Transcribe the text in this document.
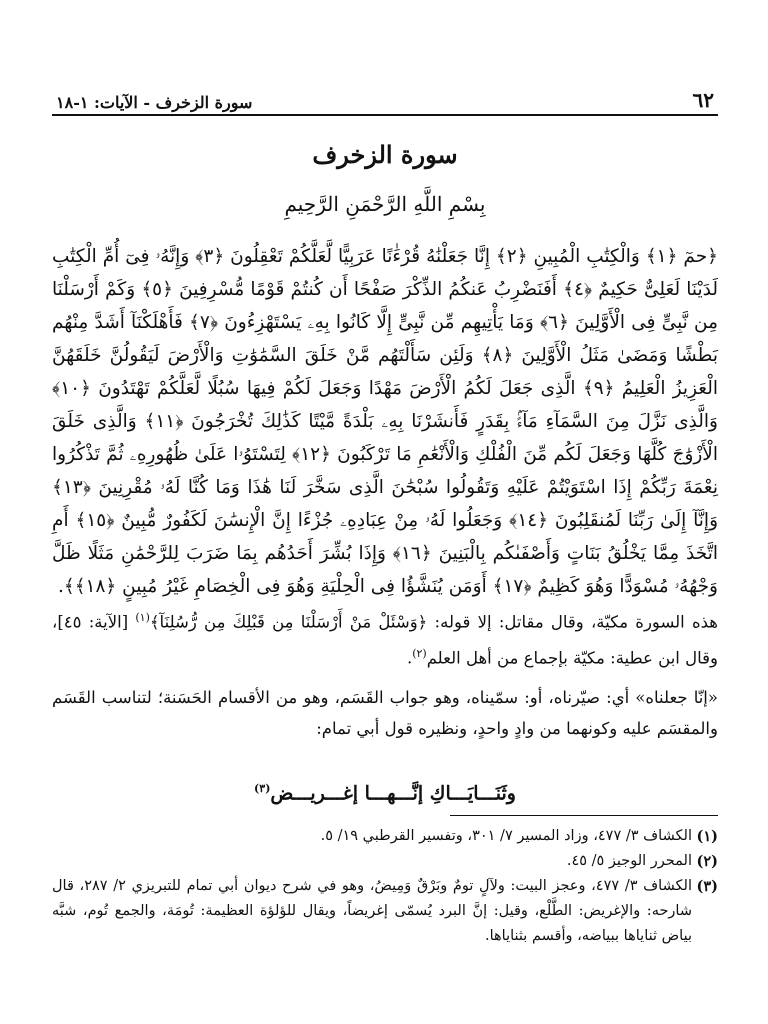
٦٢
سورة الزخرف - الآيات: ١-١٨
سورة الزخرف
بِسْمِ اللَّهِ الرَّحْمَنِ الرَّحِيمِ

﴿حمٓ ﴿١﴾ وَالْكِتَٰبِ الْمُبِينِ ﴿٢﴾ إِنَّا جَعَلْنَٰهُ قُرْءَٰنًا عَرَبِيًّا لَّعَلَّكُمْ تَعْقِلُونَ ﴿٣﴾ وَإِنَّهُۥ فِىٓ أُمِّ الْكِتَٰبِ لَدَيْنَا لَعَلِىٌّ حَكِيمٌ ﴿٤﴾ أَفَنَضْرِبُ عَنكُمُ الذِّكْرَ صَفْحًا أَن كُنتُمْ قَوْمًا مُّسْرِفِينَ ﴿٥﴾ وَكَمْ أَرْسَلْنَا مِن نَّبِىٍّ فِى الْأَوَّلِينَ ﴿٦﴾ وَمَا يَأْتِيهِم مِّن نَّبِىٍّ إِلَّا كَانُوا بِهِۦ يَسْتَهْزِءُونَ ﴿٧﴾ فَأَهْلَكْنَآ أَشَدَّ مِنْهُم بَطْشًا وَمَضَىٰ مَثَلُ الْأَوَّلِينَ ﴿٨﴾ وَلَئِن سَأَلْتَهُم مَّنْ خَلَقَ السَّمَٰوَٰتِ وَالْأَرْضَ لَيَقُولُنَّ خَلَقَهُنَّ الْعَزِيزُ الْعَلِيمُ ﴿٩﴾ الَّذِى جَعَلَ لَكُمُ الْأَرْضَ مَهْدًا وَجَعَلَ لَكُمْ فِيهَا سُبُلًا لَّعَلَّكُمْ تَهْتَدُونَ ﴿١٠﴾ وَالَّذِى نَزَّلَ مِنَ السَّمَآءِ مَآءًۢ بِقَدَرٍ فَأَنشَرْنَا بِهِۦ بَلْدَةً مَّيْتًا كَذَٰلِكَ تُخْرَجُونَ ﴿١١﴾ وَالَّذِى خَلَقَ الْأَزْوَٰجَ كُلَّهَا وَجَعَلَ لَكُم مِّنَ الْفُلْكِ وَالْأَنْعَٰمِ مَا تَرْكَبُونَ ﴿١٢﴾ لِتَسْتَوُۥا عَلَىٰ ظُهُورِهِۦ ثُمَّ تَذْكُرُوا نِعْمَةَ رَبِّكُمْ إِذَا اسْتَوَيْتُمْ عَلَيْهِ وَتَقُولُوا سُبْحَٰنَ الَّذِى سَخَّرَ لَنَا هَٰذَا وَمَا كُنَّا لَهُۥ مُقْرِنِينَ ﴿١٣﴾ وَإِنَّآ إِلَىٰ رَبِّنَا لَمُنقَلِبُونَ ﴿١٤﴾ وَجَعَلُوا لَهُۥ مِنْ عِبَادِهِۦ جُزْءًا إِنَّ الْإِنسَٰنَ لَكَفُورٌ مُّبِينٌ ﴿١٥﴾ أَمِ اتَّخَذَ مِمَّا يَخْلُقُ بَنَاتٍ وَأَصْفَىٰكُم بِالْبَنِينَ ﴿١٦﴾ وَإِذَا بُشِّرَ أَحَدُهُم بِمَا ضَرَبَ لِلرَّحْمَٰنِ مَثَلًا ظَلَّ وَجْهُهُۥ مُسْوَدًّا وَهُوَ كَظِيمٌ ﴿١٧﴾ أَوَمَن يُنَشَّؤُا فِى الْحِلْيَةِ وَهُوَ فِى الْخِصَامِ غَيْرُ مُبِينٍ ﴿١٨﴾﴾.

هذه السورة مكيّة، وقال مقاتل: إلا قوله: ﴿وَسْئَلْ مَنْ أَرْسَلْنَا مِن قَبْلِكَ مِن رُّسُلِنَآ﴾$^{(١)}$ [الآية: ٤٥]، وقال ابن عطية: مكيّة بإجماع من أهل العلم$^{(٢)}$.

«إنّا جعلناه» أي: صيّرناه، أو: سمّيناه، وهو جواب القَسَم، وهو من الأقسام الحَسَنة؛ لتناسب القَسَم والمقسَم عليه وكونهما من وادٍ واحدٍ، ونظيره قول أبي تمام:

وثَنَـــايَـــاكِ إنَّـــهـــا إغـــريـــض$^{(٣)}$
(١)
الكشاف ٣/ ٤٧٧، وزاد المسير ٧/ ٣٠١، وتفسير القرطبي ١٩/ ٥.
(٢)
المحرر الوجيز ٥/ ٤٥.
(٣)
الكشاف ٣/ ٤٧٧، وعجز البيت: ولآلٍ تومٌ وبَرْقٌ وَمِيضُ، وهو في شرح ديوان أبي تمام للتبريزي ٢/ ٢٨٧، قال شارحه: والإغريض: الطَّلْع، وقيل: إنَّ البرد يُسمّى إغريضاً، ويقال للؤلؤة العظيمة: تُومَة، والجمع تُوم، شبَّه بياض ثناياها ببياضه، وأقسم بثناياها.
